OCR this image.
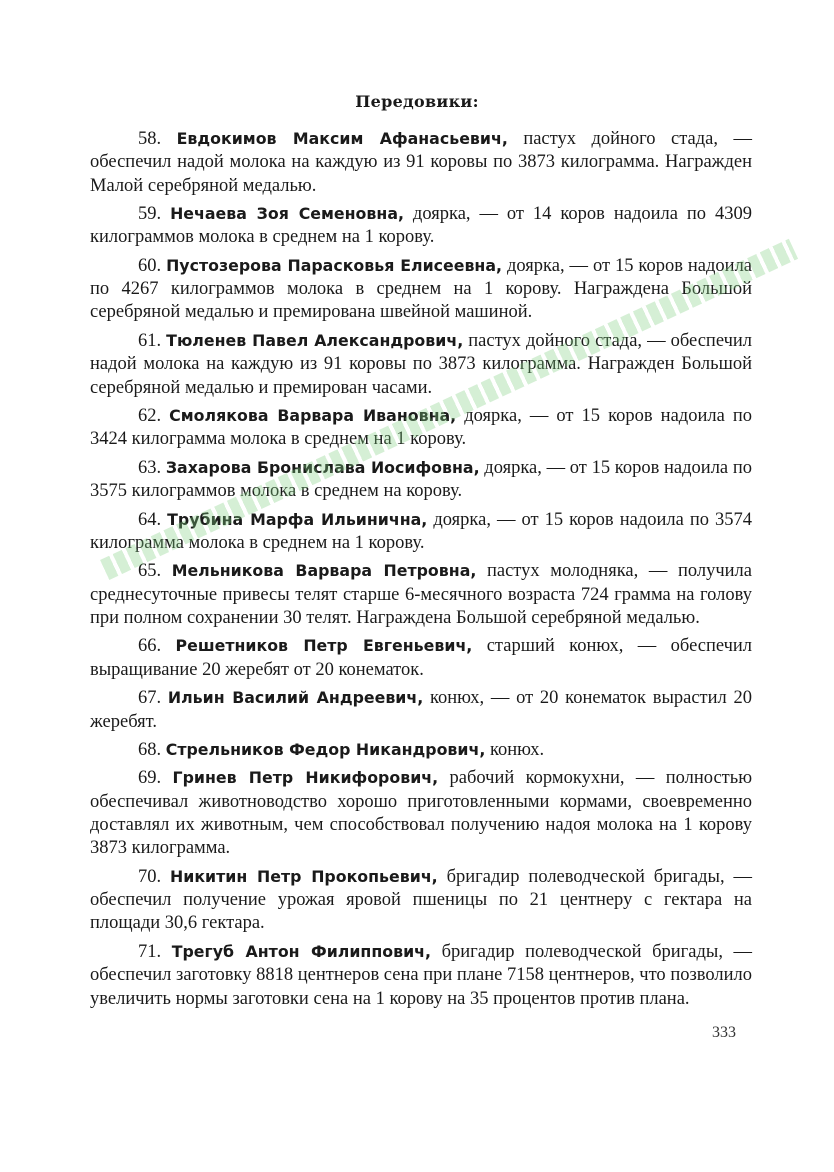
Передовики:

58. Евдокимов Максим Афанасьевич, пастух дойного стада, — обеспечил надой молока на каждую из 91 коровы по 3873 килограмма. Награжден Малой серебряной медалью.

59. Нечаева Зоя Семеновна, доярка, — от 14 коров надоила по 4309 килограммов молока в среднем на 1 корову.

60. Пустозерова Парасковья Елисеевна, доярка, — от 15 коров надоила по 4267 килограммов молока в среднем на 1 корову. Награждена Большой серебряной медалью и премирована швейной машиной.

61. Тюленев Павел Александрович, пастух дойного стада, — обеспечил надой молока на каждую из 91 коровы по 3873 килограмма. Награжден Большой серебряной медалью и премирован часами.

62. Смолякова Варвара Ивановна, доярка, — от 15 коров надоила по 3424 килограмма молока в среднем на 1 корову.

63. Захарова Бронислава Иосифовна, доярка, — от 15 коров надоила по 3575 килограммов молока в среднем на корову.

64. Трубина Марфа Ильинична, доярка, — от 15 коров надоила по 3574 килограмма молока в среднем на 1 корову.

65. Мельникова Варвара Петровна, пастух молодняка, — получила среднесуточные привесы телят старше 6-месячного возраста 724 грамма на голову при полном сохранении 30 телят. Награждена Большой серебряной медалью.

66. Решетников Петр Евгеньевич, старший конюх, — обеспечил выращивание 20 жеребят от 20 конематок.

67. Ильин Василий Андреевич, конюх, — от 20 конематок вырастил 20 жеребят.

68. Стрельников Федор Никандрович, конюх.

69. Гринев Петр Никифорович, рабочий кормокухни, — полностью обеспечивал животноводство хорошо приготовленными кормами, своевременно доставлял их животным, чем способствовал получению надоя молока на 1 корову 3873 килограмма.

70. Никитин Петр Прокопьевич, бригадир полеводческой бригады, — обеспечил получение урожая яровой пшеницы по 21 центнеру с гектара на площади 30,6 гектара.

71. Трегуб Антон Филиппович, бригадир полеводческой бригады, — обеспечил заготовку 8818 центнеров сена при плане 7158 центнеров, что позволило увеличить нормы заготовки сена на 1 корову на 35 процентов против плана.

333
